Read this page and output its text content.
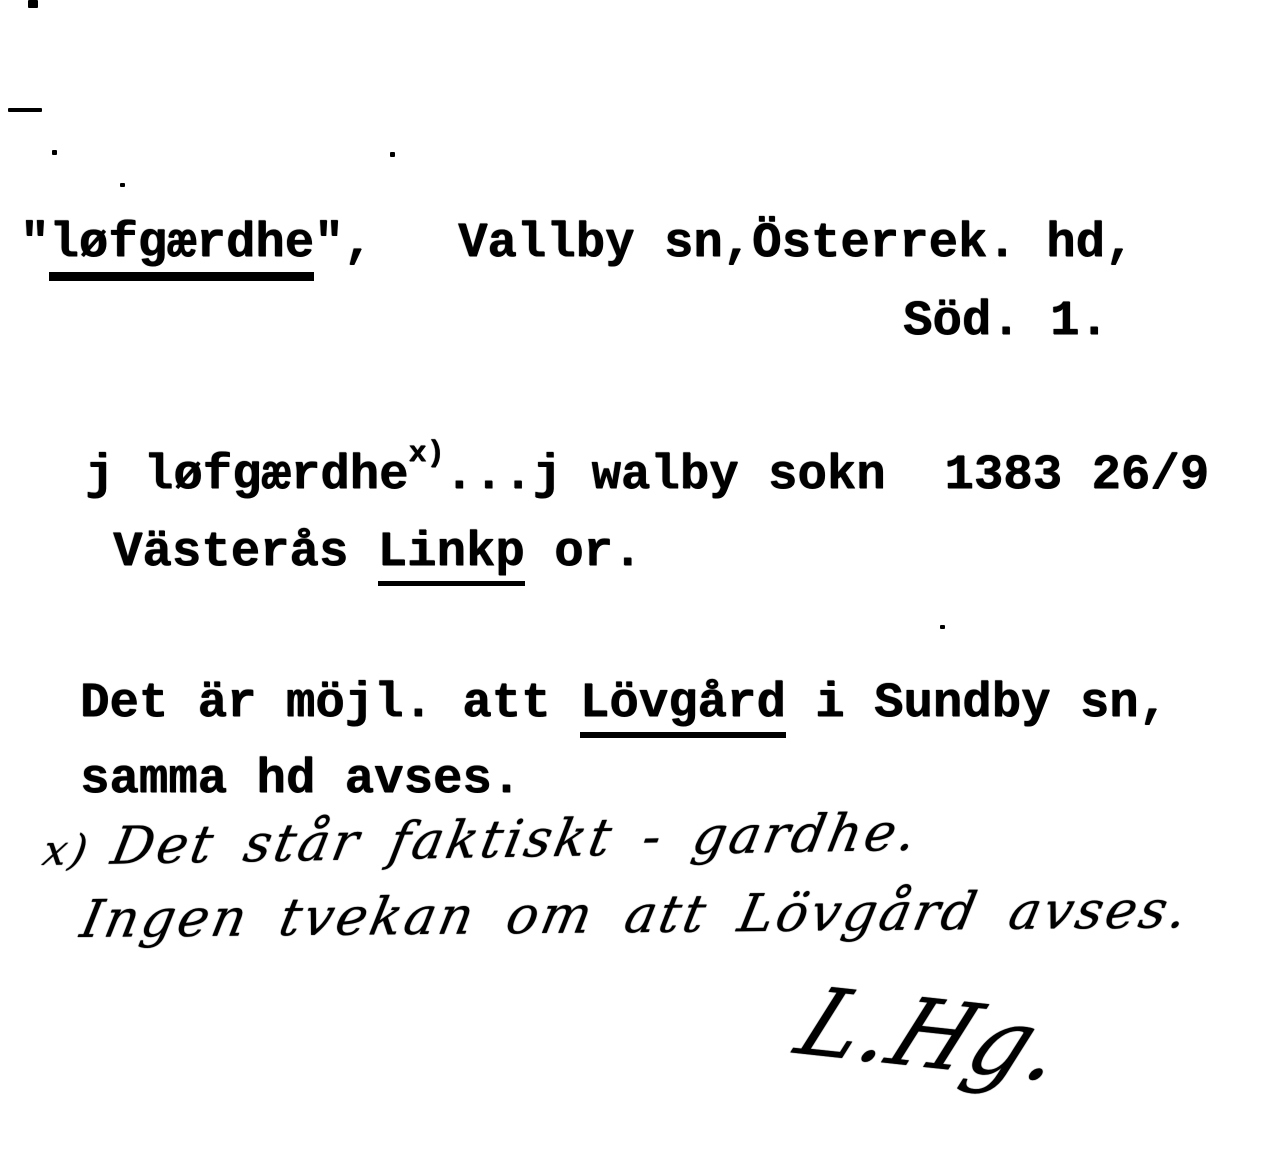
"løfgærdhe", Vallby sn,Österrek. hd,
Söd. 1.
j løfgærdhe$^{x)}$...j walby sokn  1383 26/9
Västerås Linkp or.
Det är möjl. att Lövgård i Sundby sn,
samma hd avses.
x) Det står faktiskt - gardhe.
Ingen tvekan om att Lövgård avses.
L.Hg.
